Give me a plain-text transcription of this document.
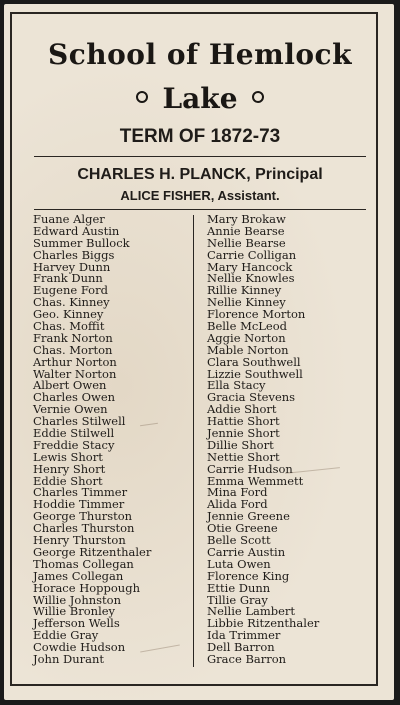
School of Hemlock
Lake
TERM OF 1872-73
CHARLES H. PLANCK, Principal
ALICE FISHER, Assistant.
Fuane Alger
Edward Austin
Summer Bullock
Charles Biggs
Harvey Dunn
Frank Dunn
Eugene Ford
Chas. Kinney
Geo. Kinney
Chas. Moffit
Frank Norton
Chas. Morton
Arthur Norton
Walter Norton
Albert Owen
Charles Owen
Vernie Owen
Charles Stilwell
Eddie Stilwell
Freddie Stacy
Lewis Short
Henry Short
Eddie Short
Charles Timmer
Hoddie Timmer
George Thurston
Charles Thurston
Henry Thurston
George Ritzenthaler
Thomas Collegan
James Collegan
Horace Hoppough
Willie Johnston
Willie Bronley
Jefferson Wells
Eddie Gray
Cowdie Hudson
John Durant
Mary Brokaw
Annie Bearse
Nellie Bearse
Carrie Colligan
Mary Hancock
Nellie Knowles
Rillie Kinney
Nellie Kinney
Florence Morton
Belle McLeod
Aggie Norton
Mable Norton
Clara Southwell
Lizzie Southwell
Ella Stacy
Gracia Stevens
Addie Short
Hattie Short
Jennie Short
Dillie Short
Nettie Short
Carrie Hudson
Emma Wemmett
Mina Ford
Alida Ford
Jennie Greene
Otie Greene
Belle Scott
Carrie Austin
Luta Owen
Florence King
Ettie Dunn
Tillie Gray
Nellie Lambert
Libbie Ritzenthaler
Ida Trimmer
Dell Barron
Grace Barron
